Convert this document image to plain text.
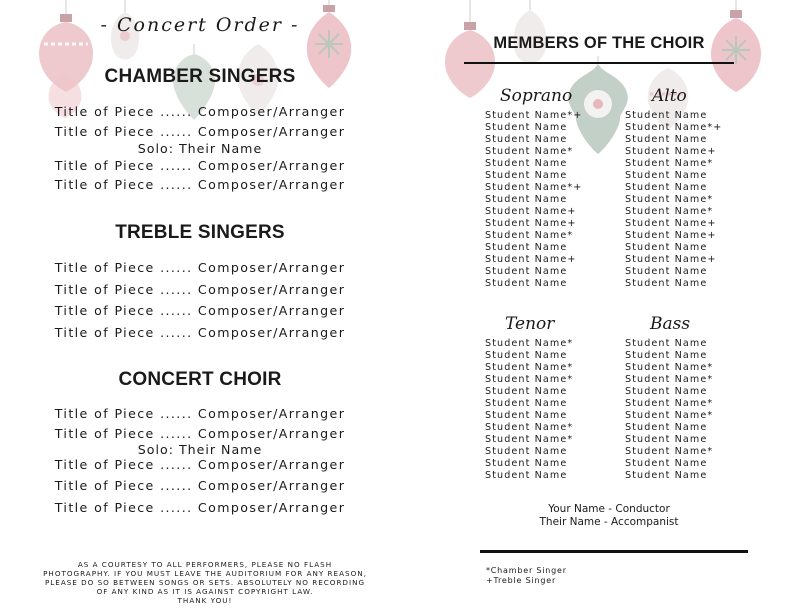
- Concert Order -
CHAMBER SINGERS
Title of Piece ...... Composer/Arranger
Title of Piece ...... Composer/Arranger
Solo: Their Name
Title of Piece ...... Composer/Arranger
Title of Piece ...... Composer/Arranger
TREBLE SINGERS
Title of Piece ...... Composer/Arranger
Title of Piece ...... Composer/Arranger
Title of Piece ...... Composer/Arranger
Title of Piece ...... Composer/Arranger
CONCERT CHOIR
Title of Piece ...... Composer/Arranger
Title of Piece ...... Composer/Arranger
Solo: Their Name
Title of Piece ...... Composer/Arranger
Title of Piece ...... Composer/Arranger
Title of Piece ...... Composer/Arranger
AS A COURTESY TO ALL PERFORMERS, PLEASE NO FLASH
PHOTOGRAPHY. IF YOU MUST LEAVE THE AUDITORIUM FOR ANY REASON,
PLEASE DO SO BETWEEN SONGS OR SETS. ABSOLUTELY NO RECORDING
OF ANY KIND AS IT IS AGAINST COPYRIGHT LAW.
THANK YOU!
MEMBERS OF THE CHOIR
Soprano	Alto
Student Name*+
Student Name
Student Name
Student Name*
Student Name
Student Name
Student Name*+
Student Name
Student Name+
Student Name+
Student Name*
Student Name
Student Name+
Student Name
Student Name
Student Name
Student Name*+
Student Name
Student Name+
Student Name*
Student Name
Student Name
Student Name*
Student Name*
Student Name+
Student Name+
Student Name
Student Name+
Student Name
Student Name
Tenor	Bass
Student Name*
Student Name
Student Name*
Student Name*
Student Name
Student Name
Student Name
Student Name*
Student Name*
Student Name
Student Name
Student Name
Student Name
Student Name
Student Name*
Student Name*
Student Name
Student Name*
Student Name*
Student Name
Student Name
Student Name*
Student Name
Student Name
Your Name - Conductor
Their Name - Accompanist
*Chamber Singer
+Treble Singer
